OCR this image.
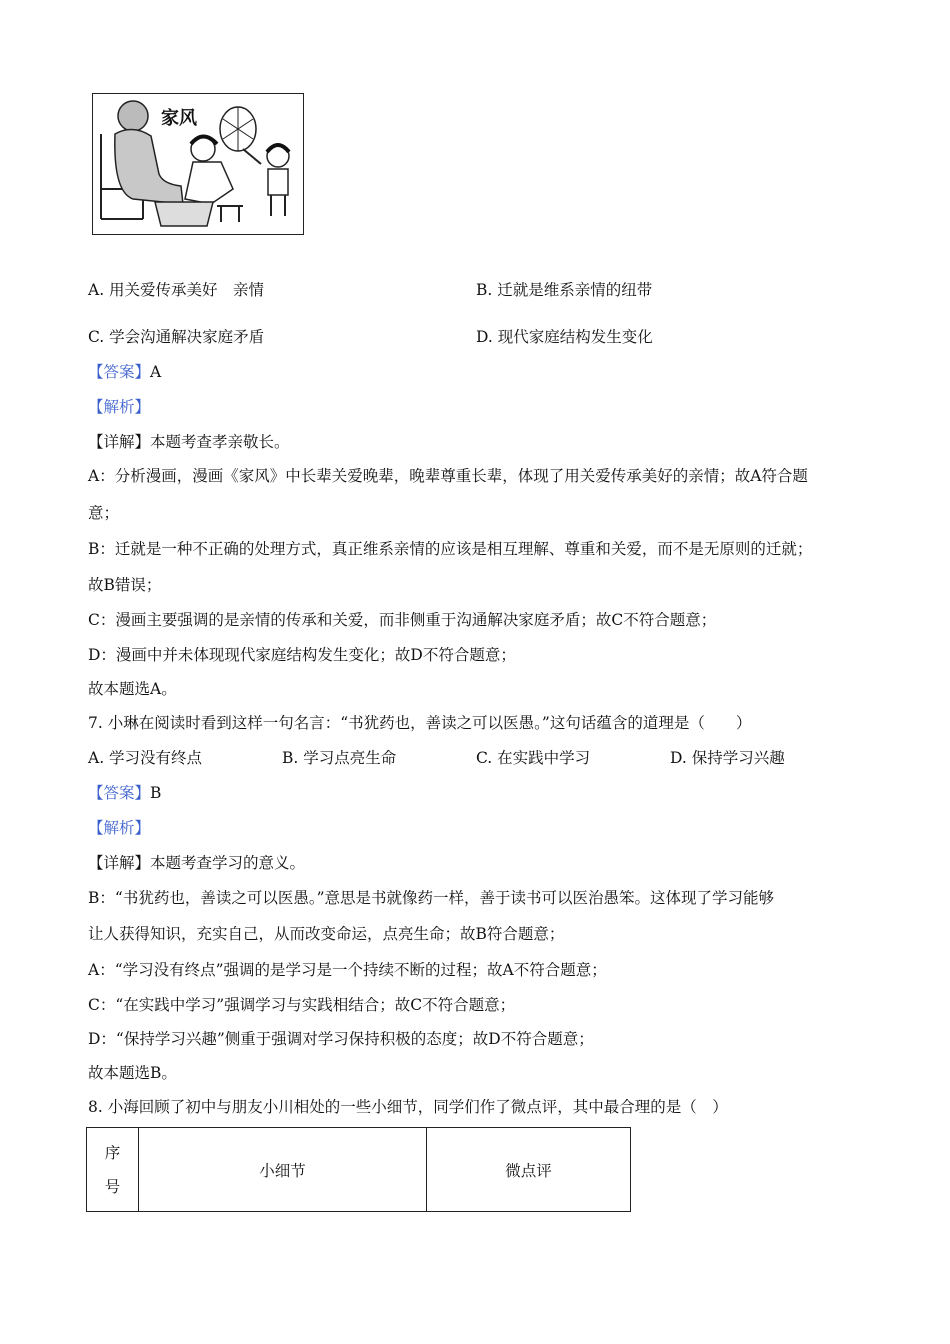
家风
A. 用关爱传承美好　亲情	B. 迁就是维系亲情的纽带
C. 学会沟通解决家庭矛盾	D. 现代家庭结构发生变化
【答案】A
【解析】
【详解】本题考查孝亲敬长。
A：分析漫画，漫画《家风》中长辈关爱晚辈，晚辈尊重长辈，体现了用关爱传承美好的亲情；故A符合题
意；
B：迁就是一种不正确的处理方式，真正维系亲情的应该是相互理解、尊重和关爱，而不是无原则的迁就；
故B错误；
C：漫画主要强调的是亲情的传承和关爱，而非侧重于沟通解决家庭矛盾；故C不符合题意；
D：漫画中并未体现现代家庭结构发生变化；故D不符合题意；
故本题选A。
7. 小琳在阅读时看到这样一句名言：“书犹药也，善读之可以医愚。”这句话蕴含的道理是（　　）
A. 学习没有终点	B. 学习点亮生命	C. 在实践中学习	D. 保持学习兴趣
【答案】B
【解析】
【详解】本题考查学习的意义。
B：“书犹药也，善读之可以医愚。”意思是书就像药一样，善于读书可以医治愚笨。这体现了学习能够
让人获得知识，充实自己，从而改变命运，点亮生命；故B符合题意；
A：“学习没有终点”强调的是学习是一个持续不断的过程；故A不符合题意；
C：“在实践中学习”强调学习与实践相结合；故C不符合题意；
D：“保持学习兴趣”侧重于强调对学习保持积极的态度；故D不符合题意；
故本题选B。
8. 小海回顾了初中与朋友小川相处的一些小细节，同学们作了微点评，其中最合理的是（　）
序
号	小细节	微点评
